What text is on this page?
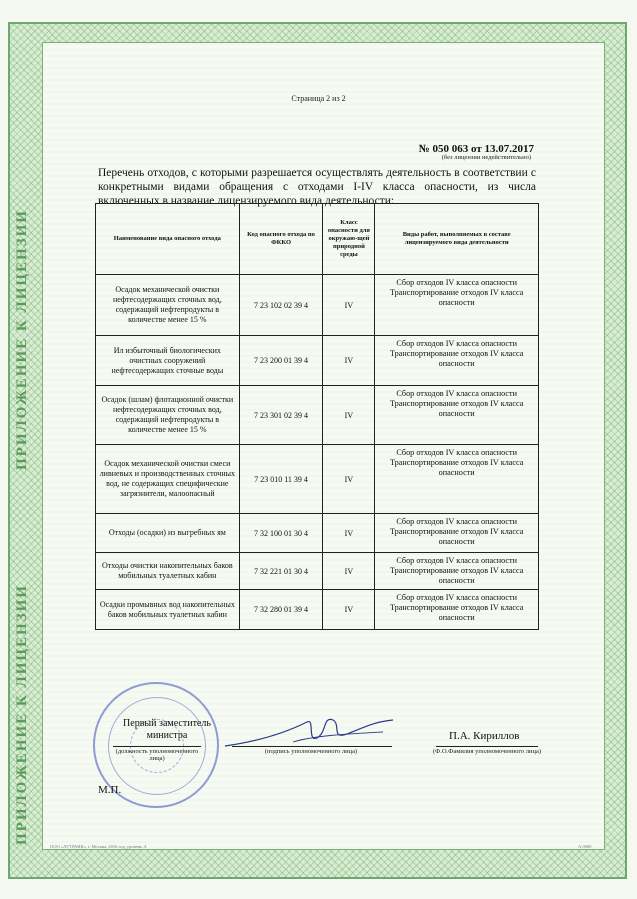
ПРИЛОЖЕНИЕ К ЛИЦЕНЗИИ
ПРИЛОЖЕНИЕ К ЛИЦЕНЗИИ
Страница 2 из 2
№ 050 063 от 13.07.2017
(без лицензии недействительно)
Перечень отходов, с которыми разрешается осуществлять деятельность в соответствии с конкретными видами обращения с отходами I-IV класса опасности, из числа включенных в название лицензируемого вида деятельности:
Наименование вида опасного отхода	Код опасного отхода по ФККО	Класс опасности для окружаю-щей природной среды	Виды работ, выполняемых в составе лицензируемого вида деятельности
Осадок механической очистки нефтесодержащих сточных вод, содержащий нефтепродукты в количестве менее 15 %	7 23 102 02 39 4	IV	Сбор отходов IV класса опасности Транспортирование отходов IV класса опасности
Ил избыточный биологических очистных сооружений нефтесодержащих сточные воды	7 23 200 01 39 4	IV	Сбор отходов IV класса опасности Транспортирование отходов IV класса опасности
Осадок (шлам) флотационной очистки нефтесодержащих сточных вод, содержащий нефтепродукты в количестве менее 15 %	7 23 301 02 39 4	IV	Сбор отходов IV класса опасности Транспортирование отходов IV класса опасности
Осадок механической очистки смеси ливневых и производственных сточных вод, не содержащих специфические загрязнители, малоопасный	7 23 010 11 39 4	IV	Сбор отходов IV класса опасности Транспортирование отходов IV класса опасности
Отходы (осадки) из выгребных ям	7 32 100 01 30 4	IV	Сбор отходов IV класса опасности Транспортирование отходов IV класса опасности
Отходы очистки накопительных баков мобильных туалетных кабин	7 32 221 01 30 4	IV	Сбор отходов IV класса опасности Транспортирование отходов IV класса опасности
Осадки промывных вод накопительных баков мобильных туалетных кабин	7 32 280 01 39 4	IV	Сбор отходов IV класса опасности Транспортирование отходов IV класса опасности
Первый заместитель министра
(должность уполномоченного лица)
(подпись уполномоченного лица)
П.А. Кириллов
(Ф.О.Фамилия уполномоченного лица)
М.П.
ООО «ЛУТРАНК», г. Москва, 2016 год, уровень А	А 0000
